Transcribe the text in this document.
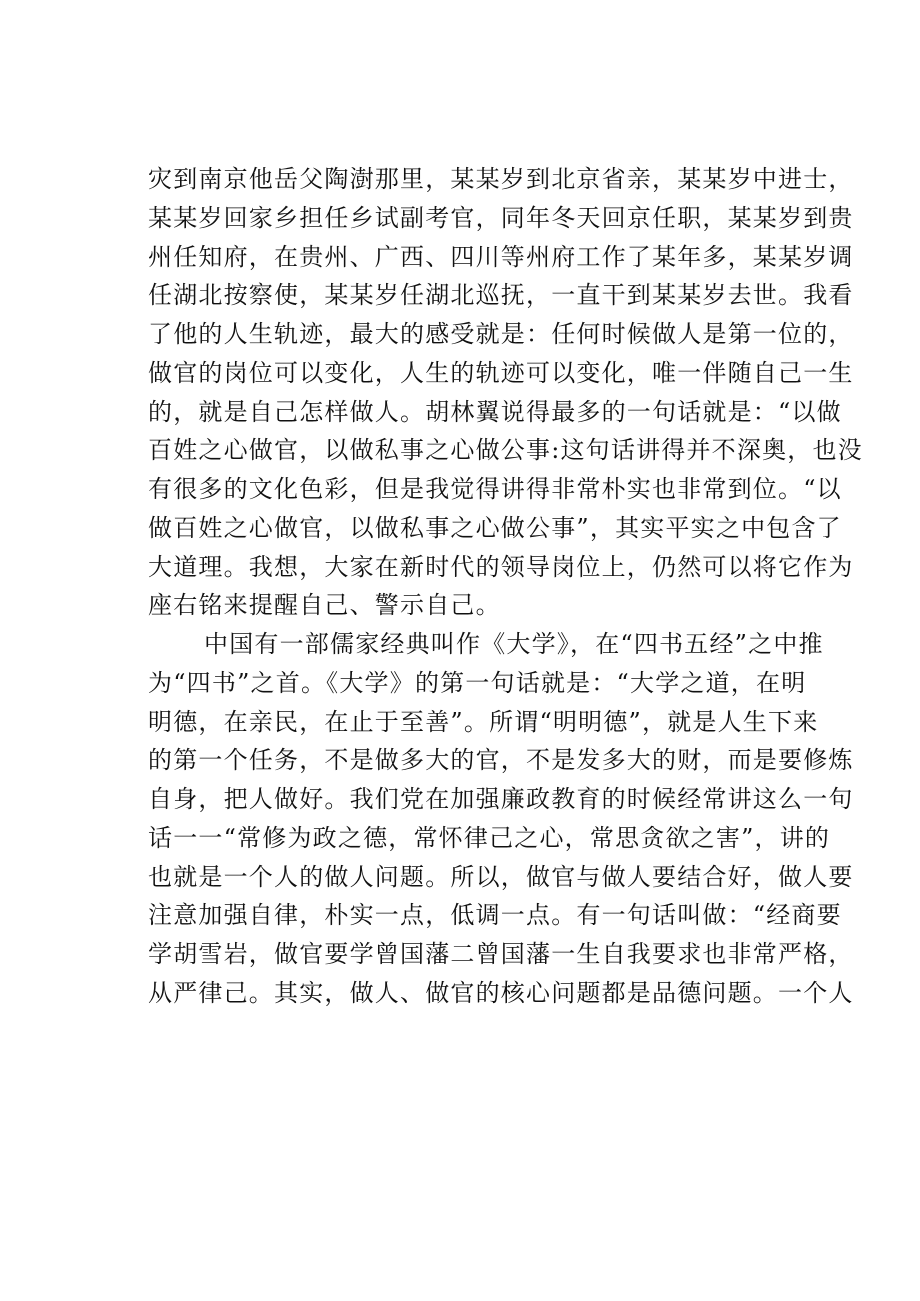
灾到南京他岳父陶澍那里，某某岁到北京省亲，某某岁中进士，
某某岁回家乡担任乡试副考官，同年冬天回京任职，某某岁到贵
州任知府，在贵州、广西、四川等州府工作了某年多，某某岁调
任湖北按察使，某某岁任湖北巡抚，一直干到某某岁去世。我看
了他的人生轨迹，最大的感受就是：任何时候做人是第一位的，
做官的岗位可以变化，人生的轨迹可以变化，唯一伴随自己一生
的，就是自己怎样做人。胡林翼说得最多的一句话就是：“以做
百姓之心做官，以做私事之心做公事:这句话讲得并不深奥，也没
有很多的文化色彩，但是我觉得讲得非常朴实也非常到位。“以
做百姓之心做官，以做私事之心做公事”，其实平实之中包含了
大道理。我想，大家在新时代的领导岗位上，仍然可以将它作为
座右铭来提醒自己、警示自己。
中国有一部儒家经典叫作《大学》，在“四书五经”之中推
为“四书”之首。《大学》的第一句话就是：“大学之道，在明
明德，在亲民，在止于至善”。所谓“明明德”，就是人生下来
的第一个任务，不是做多大的官，不是发多大的财，而是要修炼
自身，把人做好。我们党在加强廉政教育的时候经常讲这么一句
话一一“常修为政之德，常怀律己之心，常思贪欲之害”，讲的
也就是一个人的做人问题。所以，做官与做人要结合好，做人要
注意加强自律，朴实一点，低调一点。有一句话叫做：“经商要
学胡雪岩，做官要学曾国藩二曾国藩一生自我要求也非常严格，
从严律己。其实，做人、做官的核心问题都是品德问题。一个人
